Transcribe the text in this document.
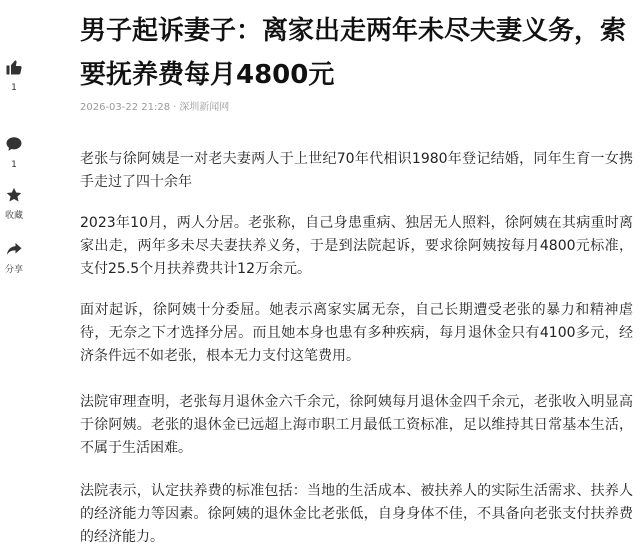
1
1
收藏
分享
男子起诉妻子：离家出走两年未尽夫妻义务，索要抚养费每月4800元
2026-03-22 21:28 · 深圳新闻网

老张与徐阿姨是一对老夫妻两人于上世纪70年代相识1980年登记结婚，同年生育一女携手走过了四十余年

2023年10月，两人分居。老张称，自己身患重病、独居无人照料，徐阿姨在其病重时离家出走，两年多未尽夫妻扶养义务，于是到法院起诉，要求徐阿姨按每月4800元标准，支付25.5个月扶养费共计12万余元。

面对起诉，徐阿姨十分委屈。她表示离家实属无奈，自己长期遭受老张的暴力和精神虐待，无奈之下才选择分居。而且她本身也患有多种疾病，每月退休金只有4100多元，经济条件远不如老张，根本无力支付这笔费用。

法院审理查明，老张每月退休金六千余元，徐阿姨每月退休金四千余元，老张收入明显高于徐阿姨。老张的退休金已远超上海市职工月最低工资标准，足以维持其日常基本生活，不属于生活困难。

法院表示，认定扶养费的标准包括：当地的生活成本、被扶养人的实际生活需求、扶养人的经济能力等因素。徐阿姨的退休金比老张低，自身身体不佳，不具备向老张支付扶养费的经济能力。
